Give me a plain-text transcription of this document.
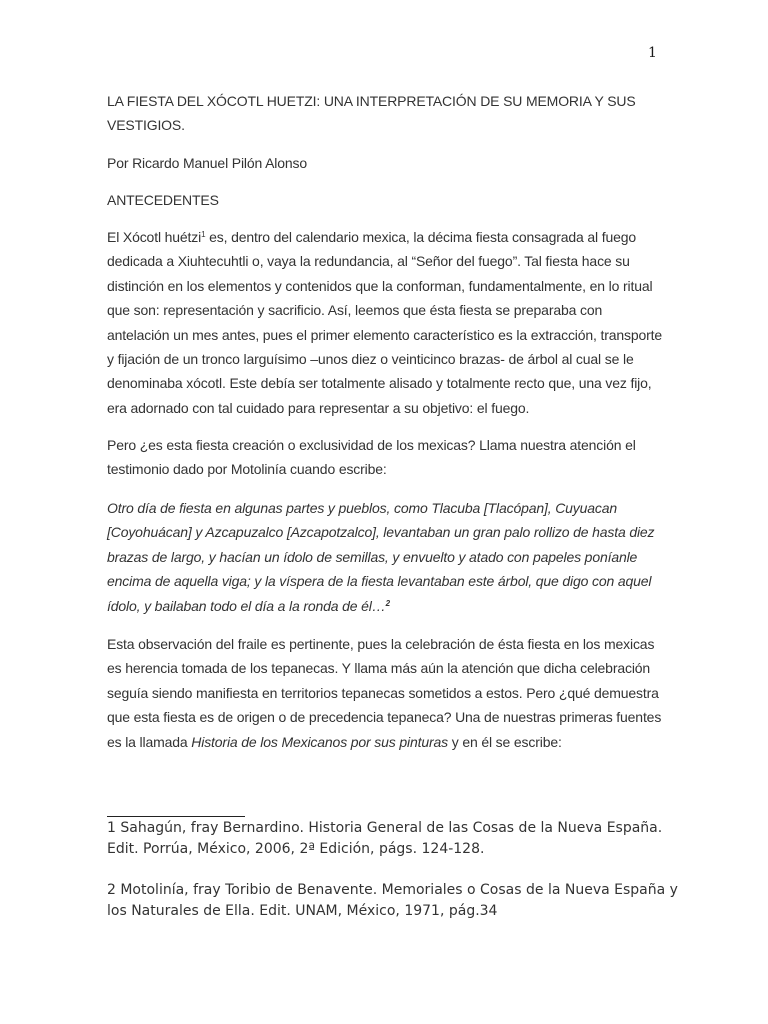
1

LA FIESTA DEL XÓCOTL HUETZI: UNA INTERPRETACIÓN DE SU MEMORIA Y SUS VESTIGIOS.

Por Ricardo Manuel Pilón Alonso

ANTECEDENTES

El Xócotl huétzi$^1$ es, dentro del calendario mexica, la décima fiesta consagrada al fuego dedicada a Xiuhtecuhtli o, vaya la redundancia, al “Señor del fuego”. Tal fiesta hace su distinción en los elementos y contenidos que la conforman, fundamentalmente, en lo ritual que son: representación y sacrificio. Así, leemos que ésta fiesta se preparaba con antelación un mes antes, pues el primer elemento característico es la extracción, transporte y fijación de un tronco larguísimo –unos diez o veinticinco brazas- de árbol al cual se le denominaba xócotl. Este debía ser totalmente alisado y totalmente recto que, una vez fijo, era adornado con tal cuidado para representar a su objetivo: el fuego.

Pero ¿es esta fiesta creación o exclusividad de los mexicas? Llama nuestra atención el testimonio dado por Motolinía cuando escribe:

Otro día de fiesta en algunas partes y pueblos, como Tlacuba [Tlacópan], Cuyuacan [Coyohuácan] y Azcapuzalco [Azcapotzalco], levantaban un gran palo rollizo de hasta diez brazas de largo, y hacían un ídolo de semillas, y envuelto y atado con papeles poníanle encima de aquella viga; y la víspera de la fiesta levantaban este árbol, que digo con aquel ídolo, y bailaban todo el día a la ronda de él…$^2$

Esta observación del fraile es pertinente, pues la celebración de ésta fiesta en los mexicas es herencia tomada de los tepanecas. Y llama más aún la atención que dicha celebración seguía siendo manifiesta en territorios tepanecas sometidos a estos. Pero ¿qué demuestra que esta fiesta es de origen o de precedencia tepaneca? Una de nuestras primeras fuentes es la llamada Historia de los Mexicanos por sus pinturas y en él se escribe:

1 Sahagún, fray Bernardino. Historia General de las Cosas de la Nueva España. Edit. Porrúa, México, 2006, 2ª Edición, págs. 124-128.

2 Motolinía, fray Toribio de Benavente. Memoriales o Cosas de la Nueva España y los Naturales de Ella. Edit. UNAM, México, 1971, pág.34
